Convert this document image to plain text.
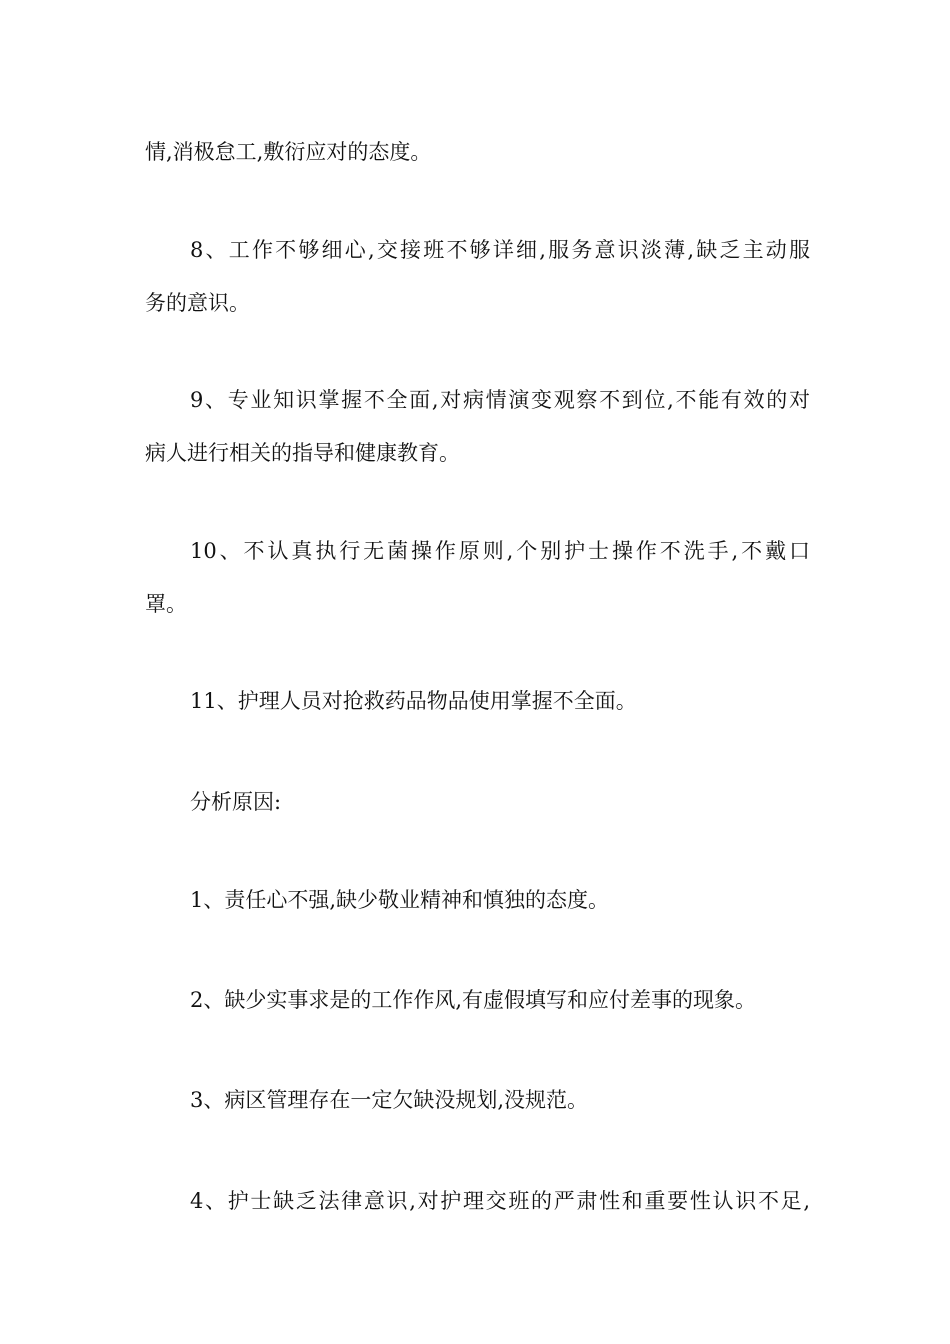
情,消极怠工,敷衍应对的态度。
8、工作不够细心,交接班不够详细,服务意识淡薄,缺乏主动服
务的意识。
9、专业知识掌握不全面,对病情演变观察不到位,不能有效的对
病人进行相关的指导和健康教育。
10、不认真执行无菌操作原则,个别护士操作不洗手,不戴口
罩。
11、护理人员对抢救药品物品使用掌握不全面。
分析原因:
1、责任心不强,缺少敬业精神和慎独的态度。
2、缺少实事求是的工作作风,有虚假填写和应付差事的现象。
3、病区管理存在一定欠缺没规划,没规范。
4、护士缺乏法律意识,对护理交班的严肃性和重要性认识不足,
